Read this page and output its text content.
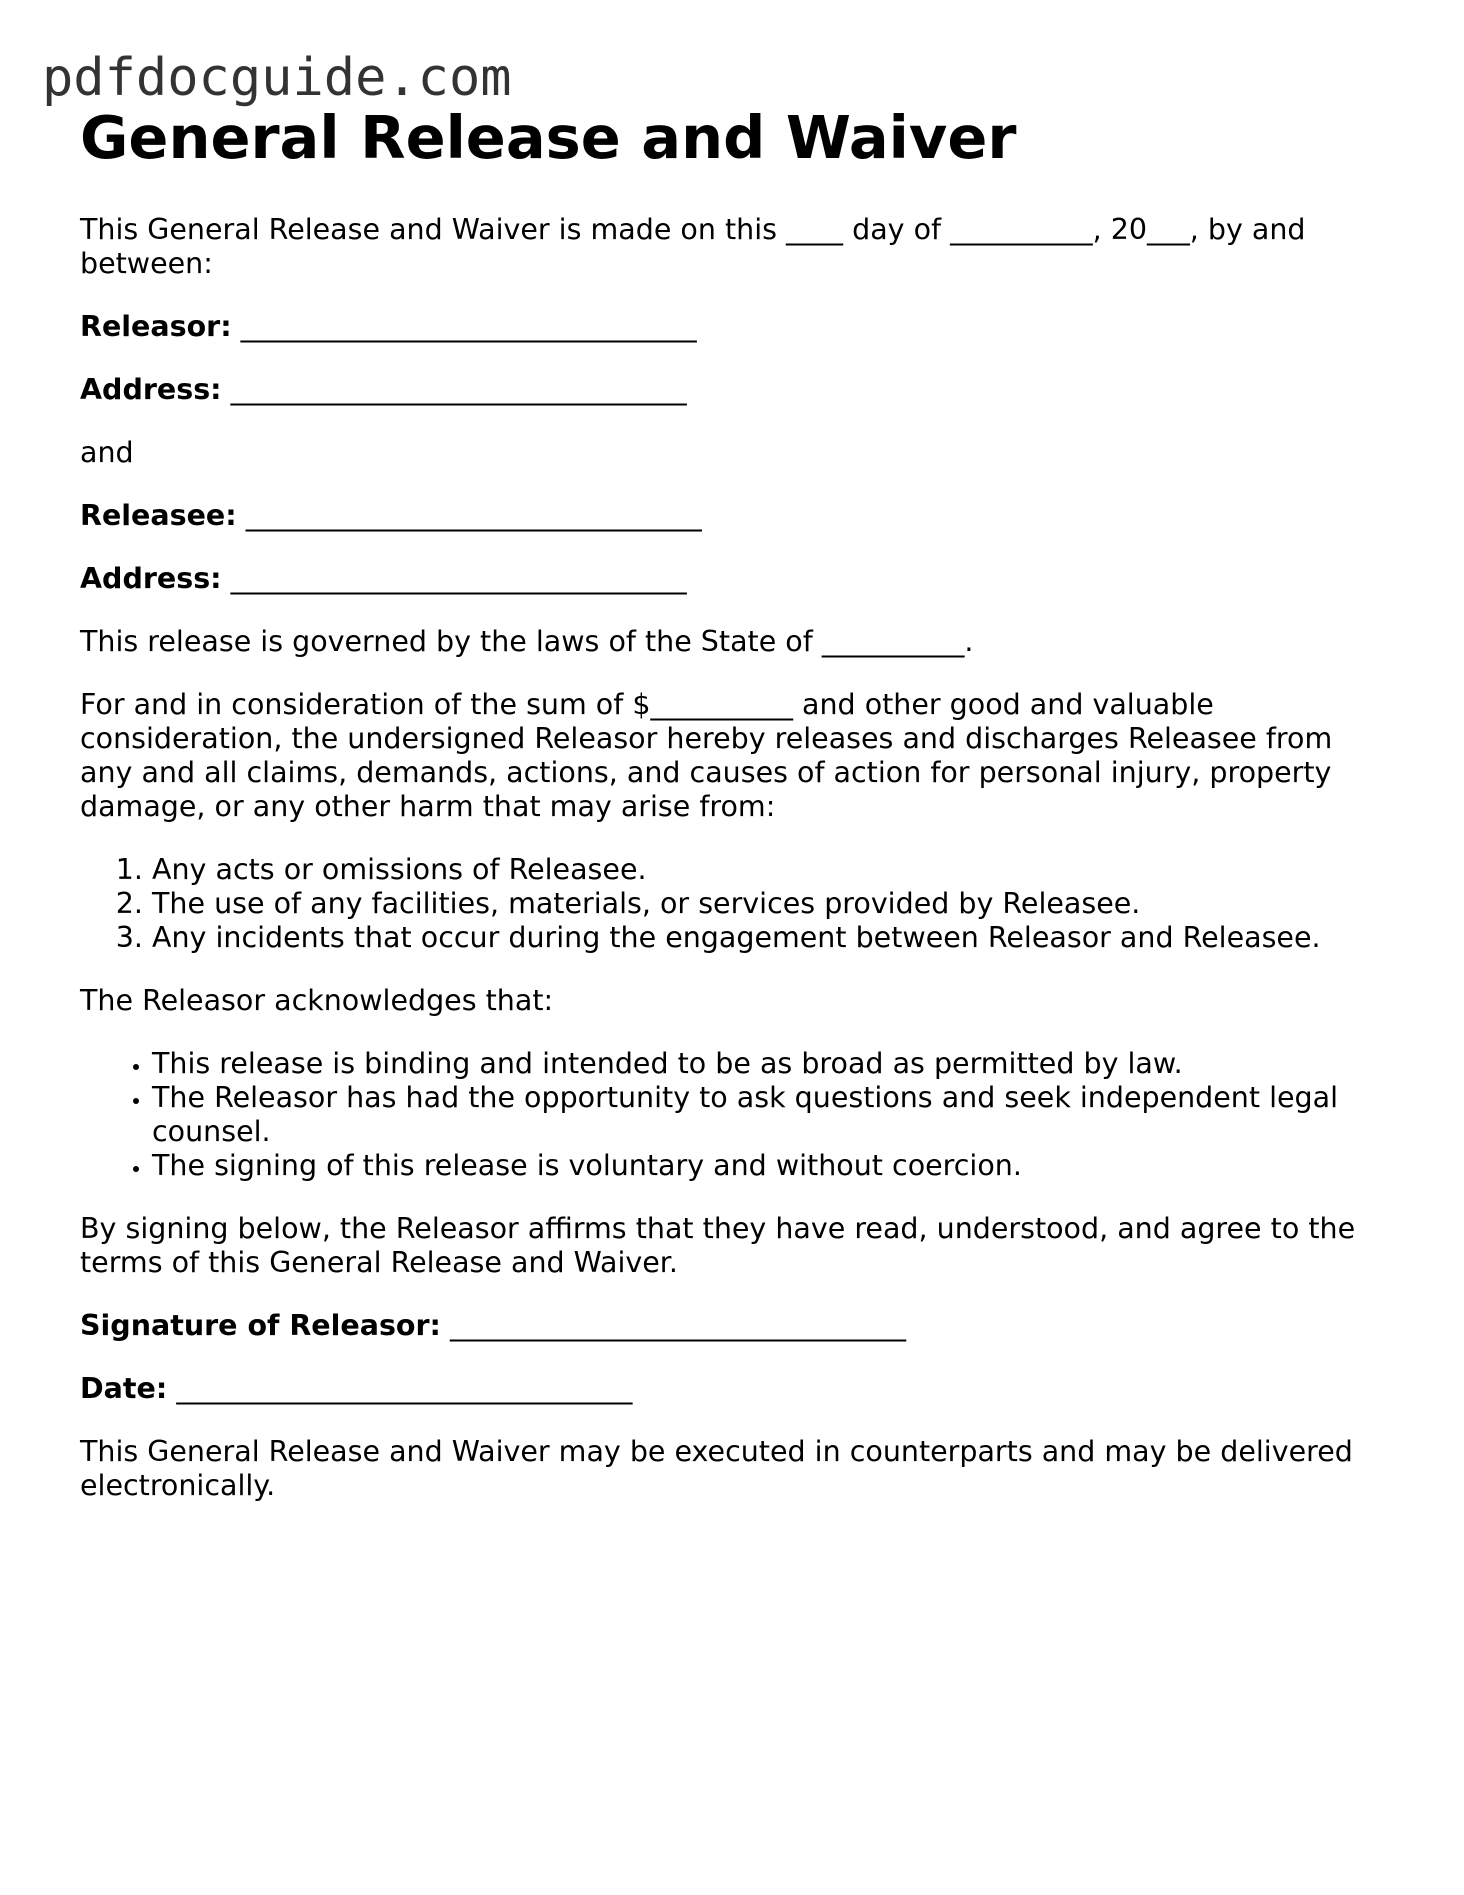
pdfdocguide.com
General Release and Waiver

This General Release and Waiver is made on this ____ day of __________, 20___, by and between:

Releasor: ________________________________

Address: ________________________________

and

Releasee: ________________________________

Address: ________________________________

This release is governed by the laws of the State of __________.

For and in consideration of the sum of $__________ and other good and valuable consideration, the undersigned Releasor hereby releases and discharges Releasee from any and all claims, demands, actions, and causes of action for personal injury, property damage, or any other harm that may arise from:

1. Any acts or omissions of Releasee.
2. The use of any facilities, materials, or services provided by Releasee.
3. Any incidents that occur during the engagement between Releasor and Releasee.

The Releasor acknowledges that:

• This release is binding and intended to be as broad as permitted by law.
• The Releasor has had the opportunity to ask questions and seek independent legal counsel.
• The signing of this release is voluntary and without coercion.

By signing below, the Releasor affirms that they have read, understood, and agree to the terms of this General Release and Waiver.

Signature of Releasor: ________________________________

Date: ________________________________

This General Release and Waiver may be executed in counterparts and may be delivered electronically.
